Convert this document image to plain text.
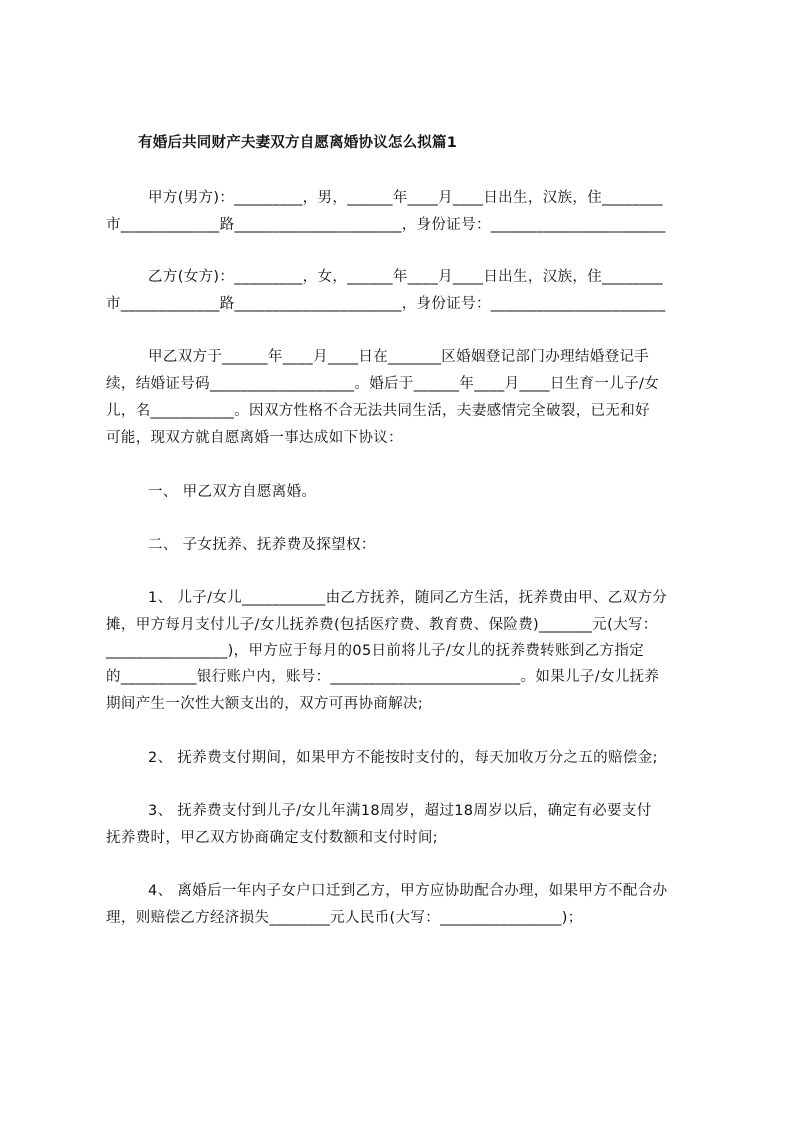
有婚后共同财产夫妻双方自愿离婚协议怎么拟篇1
甲方(男方)：_________，男，______年____月____日出生，汉族，住________
市_____________路______________________，身份证号：_______________________
乙方(女方)：_________，女，______年____月____日出生，汉族，住________
市_____________路______________________，身份证号：_______________________
甲乙双方于______年____月____日在_______区婚姻登记部门办理结婚登记手
续，结婚证号码___________________。婚后于______年____月____日生育一儿子/女
儿，名___________。因双方性格不合无法共同生活，夫妻感情完全破裂，已无和好
可能，现双方就自愿离婚一事达成如下协议：
一、 甲乙双方自愿离婚。
二、 子女抚养、抚养费及探望权：
1、 儿子/女儿___________由乙方抚养，随同乙方生活，抚养费由甲、乙双方分
摊，甲方每月支付儿子/女儿抚养费(包括医疗费、教育费、保险费)_______元(大写：
________________)，甲方应于每月的05日前将儿子/女儿的抚养费转账到乙方指定
的__________银行账户内，账号：_________________________。如果儿子/女儿抚养
期间产生一次性大额支出的，双方可再协商解决;
2、 抚养费支付期间，如果甲方不能按时支付的，每天加收万分之五的赔偿金;
3、 抚养费支付到儿子/女儿年满18周岁，超过18周岁以后，确定有必要支付
抚养费时，甲乙双方协商确定支付数额和支付时间;
4、 离婚后一年内子女户口迁到乙方，甲方应协助配合办理，如果甲方不配合办
理，则赔偿乙方经济损失________元人民币(大写：________________)；
